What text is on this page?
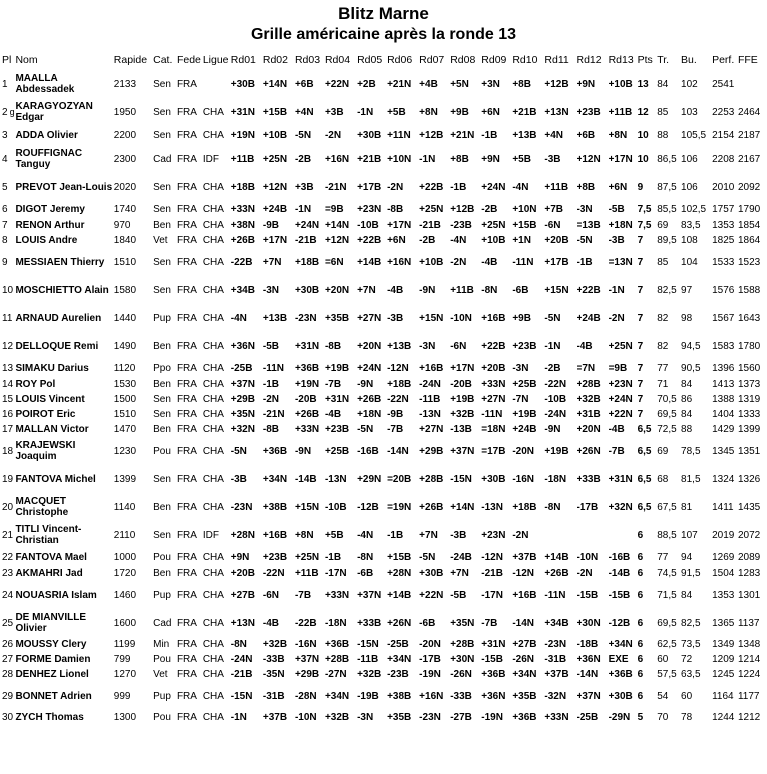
Blitz Marne
Grille américaine après la ronde 13
Pl	Nom	Rapide	Cat.	Fede	Ligue	Rd01	Rd02	Rd03	Rd04	Rd05	Rd06	Rd07	Rd08	Rd09	Rd10	Rd11	Rd12	Rd13	Pts	Tr.	Bu.	Perf.	FFE
1	MAALLA Abdessadek	2133	Sen	FRA		+30B	+14N	+6B	+22N	+2B	+21N	+4B	+5N	+3N	+8B	+12B	+9N	+10B	13	84	102	2541	
2 g	KARAGYOZYAN Edgar	1950	Sen	FRA	CHA	+31N	+15B	+4N	+3B	-1N	+5B	+8N	+9B	+6N	+21B	+13N	+23B	+11B	12	85	103	2253	2464
3	ADDA Olivier	2200	Sen	FRA	CHA	+19N	+10B	-5N	-2N	+30B	+11N	+12B	+21N	-1B	+13B	+4N	+6B	+8N	10	88	105,5	2154	2187
4	ROUFFIGNAC Tanguy	2300	Cad	FRA	IDF	+11B	+25N	-2B	+16N	+21B	+10N	-1N	+8B	+9N	+5B	-3B	+12N	+17N	10	86,5	106	2208	2167
5	PREVOT Jean-Louis	2020	Sen	FRA	CHA	+18B	+12N	+3B	-21N	+17B	-2N	+22B	-1B	+24N	-4N	+11B	+8B	+6N	9	87,5	106	2010	2092
6	DIGOT Jeremy	1740	Sen	FRA	CHA	+33N	+24B	-1N	=9B	+23N	-8B	+25N	+12B	-2B	+10N	+7B	-3N	-5B	7,5	85,5	102,5	1757	1790
7	RENON Arthur	970	Ben	FRA	CHA	+38N	-9B	+24N	+14N	-10B	+17N	-21B	-23B	+25N	+15B	-6N	=13B	+18N	7,5	69	83,5	1353	1854
8	LOUIS Andre	1840	Vet	FRA	CHA	+26B	+17N	-21B	+12N	+22B	+6N	-2B	-4N	+10B	+1N	+20B	-5N	-3B	7	89,5	108	1825	1864
9	MESSIAEN Thierry	1510	Sen	FRA	CHA	-22B	+7N	+18B	=6N	+14B	+16N	+10B	-2N	-4B	-11N	+17B	-1B	=13N	7	85	104	1533	1523
10	MOSCHIETTO Alain	1580	Sen	FRA	CHA	+34B	-3N	+30B	+20N	+7N	-4B	-9N	+11B	-8N	-6B	+15N	+22B	-1N	7	82,5	97	1576	1588
11	ARNAUD Aurelien	1440	Pup	FRA	CHA	-4N	+13B	-23N	+35B	+27N	-3B	+15N	-10N	+16B	+9B	-5N	+24B	-2N	7	82	98	1567	1643
12	DELLOQUE Remi	1490	Ben	FRA	CHA	+36N	-5B	+31N	-8B	+20N	+13B	-3N	-6N	+22B	+23B	-1N	-4B	+25N	7	82	94,5	1583	1780
13	SIMAKU Darius	1120	Ppo	FRA	CHA	-25B	-11N	+36B	+19B	+24N	-12N	+16B	+17N	+20B	-3N	-2B	=7N	=9B	7	77	90,5	1396	1560
14	ROY Pol	1530	Ben	FRA	CHA	+37N	-1B	+19N	-7B	-9N	+18B	-24N	-20B	+33N	+25B	-22N	+28B	+23N	7	71	84	1413	1373
15	LOUIS Vincent	1500	Sen	FRA	CHA	+29B	-2N	-20B	+31N	+26B	-22N	-11B	+19B	+27N	-7N	-10B	+32B	+24N	7	70,5	86	1388	1319
16	POIROT Eric	1510	Sen	FRA	CHA	+35N	-21N	+26B	-4B	+18N	-9B	-13N	+32B	-11N	+19B	-24N	+31B	+22N	7	69,5	84	1404	1333
17	MALLAN Victor	1470	Ben	FRA	CHA	+32N	-8B	+33N	+23B	-5N	-7B	+27N	-13B	=18N	+24B	-9N	+20N	-4B	6,5	72,5	88	1429	1399
18	KRAJEWSKI Joaquim	1230	Pou	FRA	CHA	-5N	+36B	-9N	+25B	-16B	-14N	+29B	+37N	=17B	-20N	+19B	+26N	-7B	6,5	69	78,5	1345	1351
19	FANTOVA Michel	1399	Sen	FRA	CHA	-3B	+34N	-14B	-13N	+29N	=20B	+28B	-15N	+30B	-16N	-18N	+33B	+31N	6,5	68	81,5	1324	1326
20	MACQUET Christophe	1140	Ben	FRA	CHA	-23N	+38B	+15N	-10B	-12B	=19N	+26B	+14N	-13N	+18B	-8N	-17B	+32N	6,5	67,5	81	1411	1435
21	TITLI Vincent-Christian	2110	Sen	FRA	IDF	+28N	+16B	+8N	+5B	-4N	-1B	+7N	-3B	+23N	-2N				6	88,5	107	2019	2072
22	FANTOVA Mael	1000	Pou	FRA	CHA	+9N	+23B	+25N	-1B	-8N	+15B	-5N	-24B	-12N	+37B	+14B	-10N	-16B	6	77	94	1269	2089
23	AKMAHRI Jad	1720	Ben	FRA	CHA	+20B	-22N	+11B	-17N	-6B	+28N	+30B	+7N	-21B	-12N	+26B	-2N	-14B	6	74,5	91,5	1504	1283
24	NOUASRIA Islam	1460	Pup	FRA	CHA	+27B	-6N	-7B	+33N	+37N	+14B	+22N	-5B	-17N	+16B	-11N	-15B	-15B	6	71,5	84	1353	1301
25	DE MIANVILLE Olivier	1600	Cad	FRA	CHA	+13N	-4B	-22B	-18N	+33B	+26N	-6B	+35N	-7B	-14N	+34B	+30N	-12B	6	69,5	82,5	1365	1137
26	MOUSSY Clery	1199	Min	FRA	CHA	-8N	+32B	-16N	+36B	-15N	-25B	-20N	+28B	+31N	+27B	-23N	-18B	+34N	6	62,5	73,5	1349	1348
27	FORME Damien	799	Pou	FRA	CHA	-24N	-33B	+37N	+28B	-11B	+34N	-17B	+30N	-15B	-26N	-31B	+36N	EXE	6	60	72	1209	1214
28	DENHEZ Lionel	1270	Vet	FRA	CHA	-21B	-35N	+29B	-27N	+32B	-23B	-19N	-26N	+36B	+34N	+37B	-14N	+36B	6	57,5	63,5	1245	1224
29	BONNET Adrien	999	Pup	FRA	CHA	-15N	-31B	-28N	+34N	-19B	+38B	+16N	-33B	+36N	+35B	-32N	+37N	+30B	6	54	60	1164	1177
30	ZYCH Thomas	1300	Pou	FRA	CHA	-1N	+37B	-10N	+32B	-3N	+35B	-23N	-27B	-19N	+36B	+33N	-25B	-29N	5	70	78	1244	1212
